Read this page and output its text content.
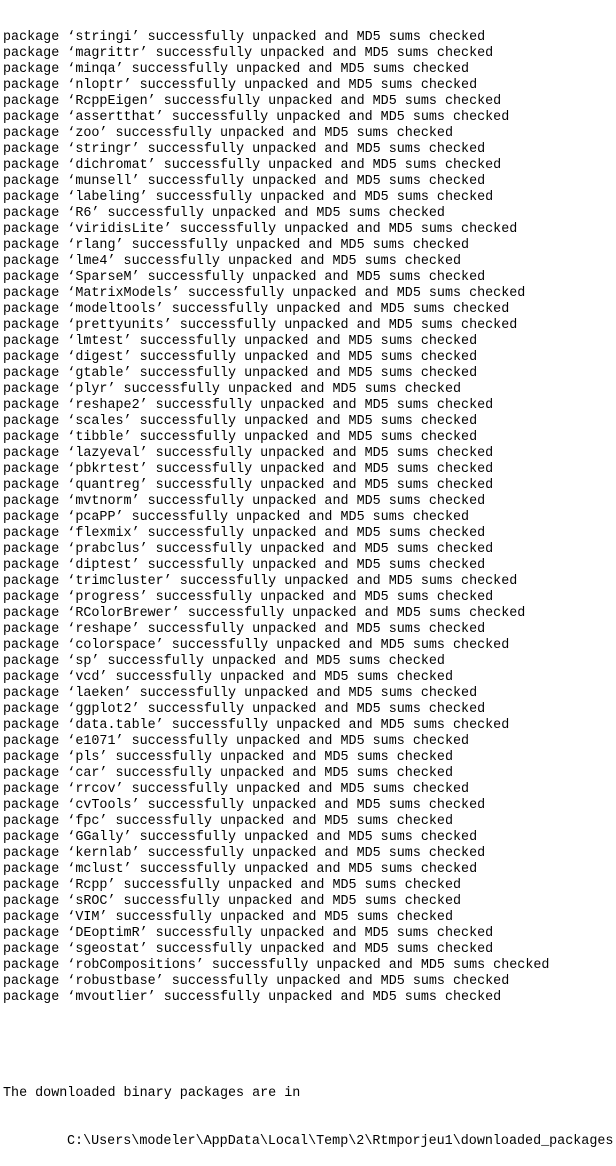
package ‘stringi’ successfully unpacked and MD5 sums checked
package ‘magrittr’ successfully unpacked and MD5 sums checked
package ‘minqa’ successfully unpacked and MD5 sums checked
package ‘nloptr’ successfully unpacked and MD5 sums checked
package ‘RcppEigen’ successfully unpacked and MD5 sums checked
package ‘assertthat’ successfully unpacked and MD5 sums checked
package ‘zoo’ successfully unpacked and MD5 sums checked
package ‘stringr’ successfully unpacked and MD5 sums checked
package ‘dichromat’ successfully unpacked and MD5 sums checked
package ‘munsell’ successfully unpacked and MD5 sums checked
package ‘labeling’ successfully unpacked and MD5 sums checked
package ‘R6’ successfully unpacked and MD5 sums checked
package ‘viridisLite’ successfully unpacked and MD5 sums checked
package ‘rlang’ successfully unpacked and MD5 sums checked
package ‘lme4’ successfully unpacked and MD5 sums checked
package ‘SparseM’ successfully unpacked and MD5 sums checked
package ‘MatrixModels’ successfully unpacked and MD5 sums checked
package ‘modeltools’ successfully unpacked and MD5 sums checked
package ‘prettyunits’ successfully unpacked and MD5 sums checked
package ‘lmtest’ successfully unpacked and MD5 sums checked
package ‘digest’ successfully unpacked and MD5 sums checked
package ‘gtable’ successfully unpacked and MD5 sums checked
package ‘plyr’ successfully unpacked and MD5 sums checked
package ‘reshape2’ successfully unpacked and MD5 sums checked
package ‘scales’ successfully unpacked and MD5 sums checked
package ‘tibble’ successfully unpacked and MD5 sums checked
package ‘lazyeval’ successfully unpacked and MD5 sums checked
package ‘pbkrtest’ successfully unpacked and MD5 sums checked
package ‘quantreg’ successfully unpacked and MD5 sums checked
package ‘mvtnorm’ successfully unpacked and MD5 sums checked
package ‘pcaPP’ successfully unpacked and MD5 sums checked
package ‘flexmix’ successfully unpacked and MD5 sums checked
package ‘prabclus’ successfully unpacked and MD5 sums checked
package ‘diptest’ successfully unpacked and MD5 sums checked
package ‘trimcluster’ successfully unpacked and MD5 sums checked
package ‘progress’ successfully unpacked and MD5 sums checked
package ‘RColorBrewer’ successfully unpacked and MD5 sums checked
package ‘reshape’ successfully unpacked and MD5 sums checked
package ‘colorspace’ successfully unpacked and MD5 sums checked
package ‘sp’ successfully unpacked and MD5 sums checked
package ‘vcd’ successfully unpacked and MD5 sums checked
package ‘laeken’ successfully unpacked and MD5 sums checked
package ‘ggplot2’ successfully unpacked and MD5 sums checked
package ‘data.table’ successfully unpacked and MD5 sums checked
package ‘e1071’ successfully unpacked and MD5 sums checked
package ‘pls’ successfully unpacked and MD5 sums checked
package ‘car’ successfully unpacked and MD5 sums checked
package ‘rrcov’ successfully unpacked and MD5 sums checked
package ‘cvTools’ successfully unpacked and MD5 sums checked
package ‘fpc’ successfully unpacked and MD5 sums checked
package ‘GGally’ successfully unpacked and MD5 sums checked
package ‘kernlab’ successfully unpacked and MD5 sums checked
package ‘mclust’ successfully unpacked and MD5 sums checked
package ‘Rcpp’ successfully unpacked and MD5 sums checked
package ‘sROC’ successfully unpacked and MD5 sums checked
package ‘VIM’ successfully unpacked and MD5 sums checked
package ‘DEoptimR’ successfully unpacked and MD5 sums checked
package ‘sgeostat’ successfully unpacked and MD5 sums checked
package ‘robCompositions’ successfully unpacked and MD5 sums checked
package ‘robustbase’ successfully unpacked and MD5 sums checked
package ‘mvoutlier’ successfully unpacked and MD5 sums checked

The downloaded binary packages are in

C:\Users\modeler\AppData\Local\Temp\2\Rtmporjeu1\downloaded_packages
